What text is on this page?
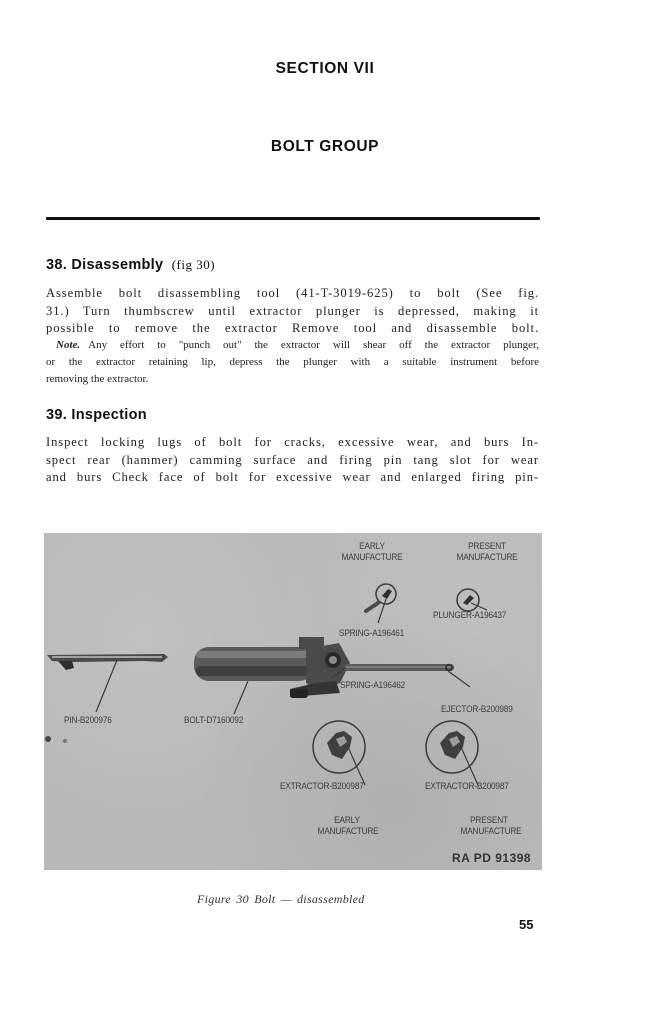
SECTION VII
BOLT GROUP
38. Disassembly (fig 30)
Assemble bolt disassembling tool (41-T-3019-625) to bolt (See fig.
31.) Turn thumbscrew until extractor plunger is depressed, making it
possible to remove the extractor Remove tool and disassemble bolt.
Note. Any effort to "punch out" the extractor will shear off the extractor plunger,
or the extractor retaining lip, depress the plunger with a suitable instrument before
removing the extractor.
39. Inspection
Inspect locking lugs of bolt for cracks, excessive wear, and burs In-
spect rear (hammer) camming surface and firing pin tang slot for wear
and burs Check face of bolt for excessive wear and enlarged firing pin-
EARLY
MANUFACTURE
PRESENT
MANUFACTURE
PLUNGER-A196437
SPRING-A196461
SPRING-A196462
EJECTOR-B200989
PIN-B200976	BOLT-D7160092
EXTRACTOR-B200987	EXTRACTOR-B200987
EARLY
MANUFACTURE
PRESENT
MANUFACTURE
RA PD 91398
Figure 30 Bolt — disassembled
55
